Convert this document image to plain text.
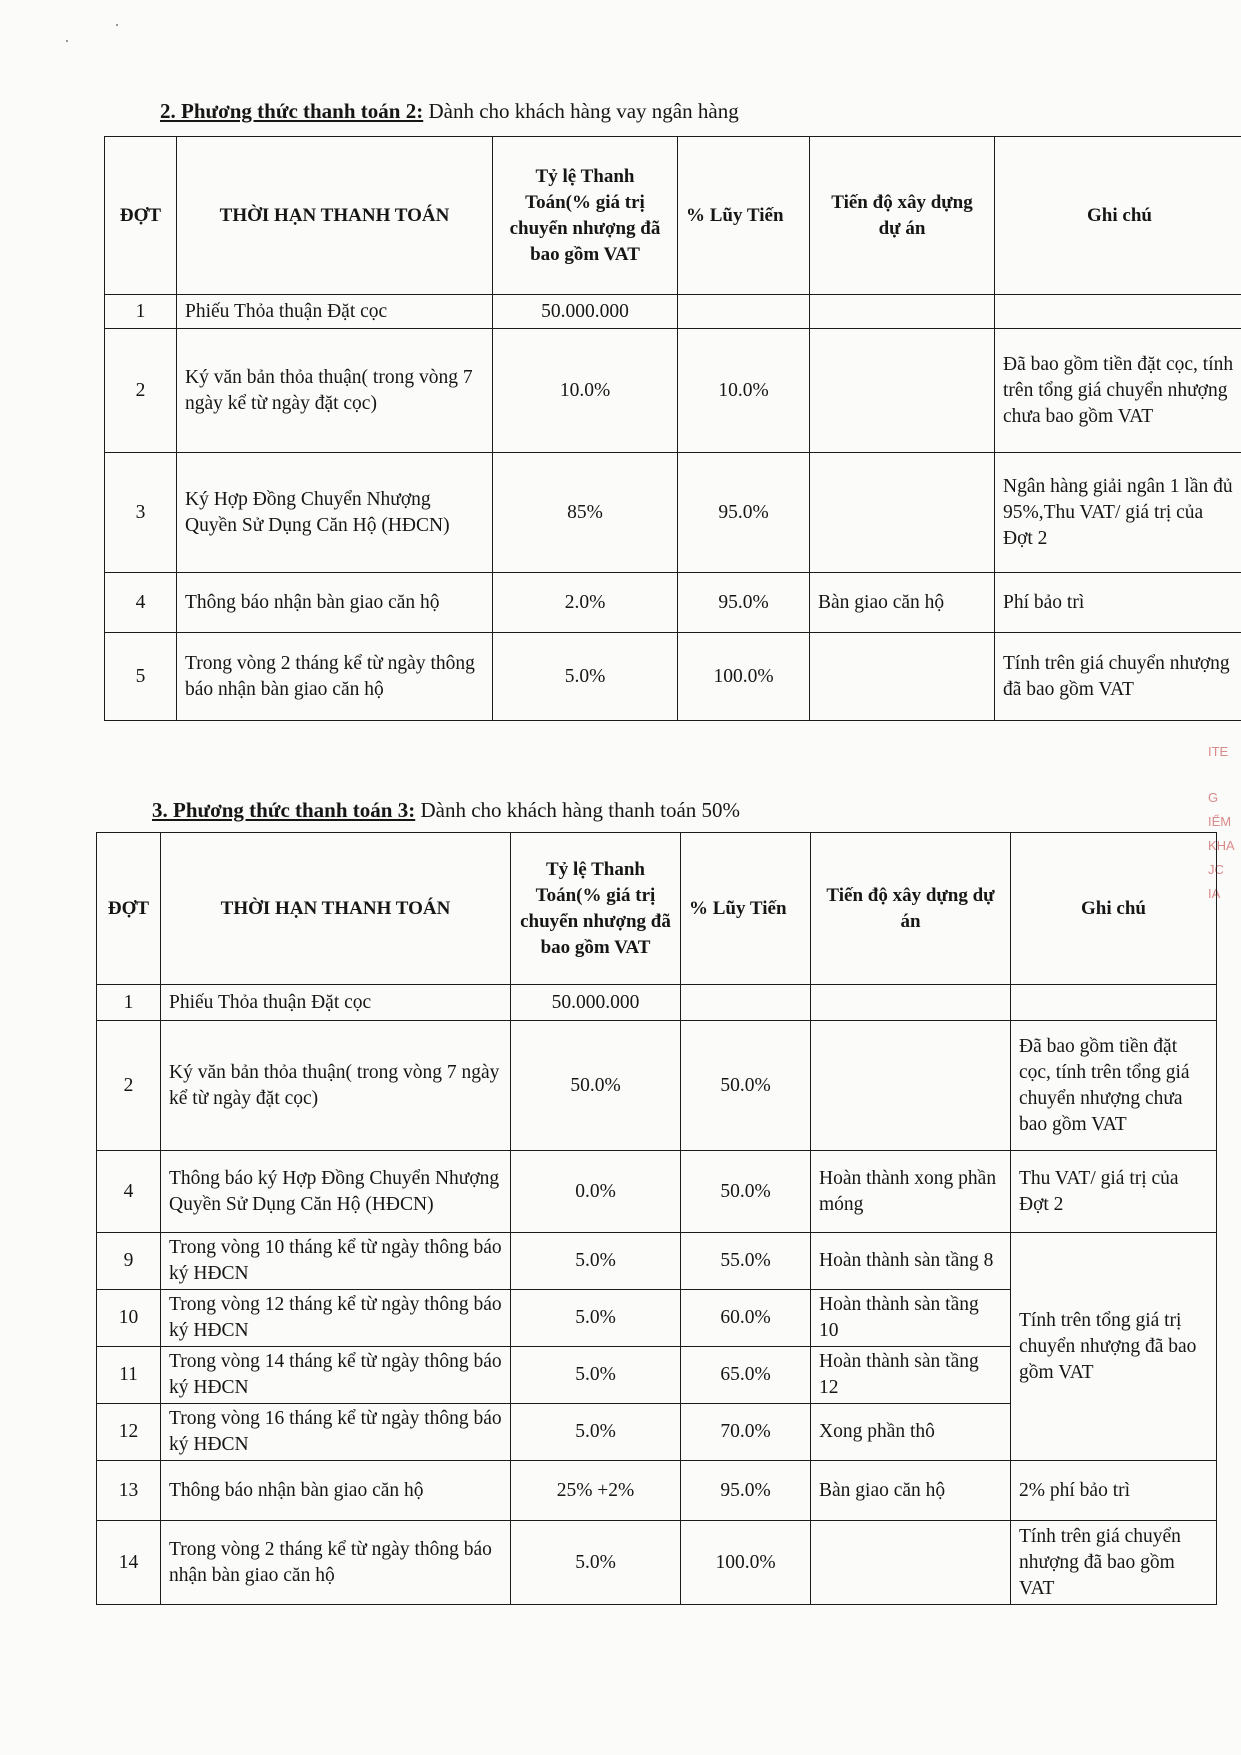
2. Phương thức thanh toán 2: Dành cho khách hàng vay ngân hàng
ĐỢT	THỜI HẠN THANH TOÁN	Tỷ lệ Thanh Toán(% giá trị chuyển nhượng đã bao gồm VAT	% Lũy Tiến	Tiến độ xây dựng dự án	Ghi chú
1	Phiếu Thỏa thuận Đặt cọc	50.000.000			
2	Ký văn bản thỏa thuận( trong vòng 7 ngày kể từ ngày đặt cọc)	10.0%	10.0%		Đã bao gồm tiền đặt cọc, tính trên tổng giá chuyển nhượng chưa bao gồm VAT
3	Ký Hợp Đồng Chuyển Nhượng Quyền Sử Dụng Căn Hộ (HĐCN)	85%	95.0%		Ngân hàng giải ngân 1 lần đủ 95%,Thu VAT/ giá trị của Đợt 2
4	Thông báo nhận bàn giao căn hộ	2.0%	95.0%	Bàn giao căn hộ	Phí bảo trì
5	Trong vòng 2 tháng kể từ ngày thông báo nhận bàn giao căn hộ	5.0%	100.0%		Tính trên giá chuyển nhượng đã bao gồm VAT
ITE
G
IỂM
KHA
JC
IA
3. Phương thức thanh toán 3: Dành cho khách hàng thanh toán 50%
ĐỢT	THỜI HẠN THANH TOÁN	Tỷ lệ Thanh Toán(% giá trị chuyển nhượng đã bao gồm VAT	% Lũy Tiến	Tiến độ xây dựng dự án	Ghi chú
1	Phiếu Thỏa thuận Đặt cọc	50.000.000			
2	Ký văn bản thỏa thuận( trong vòng 7 ngày kể từ ngày đặt cọc)	50.0%	50.0%		Đã bao gồm tiền đặt cọc, tính trên tổng giá chuyển nhượng chưa bao gồm VAT
4	Thông báo ký Hợp Đồng Chuyển Nhượng Quyền Sử Dụng Căn Hộ (HĐCN)	0.0%	50.0%	Hoàn thành xong phần móng	Thu VAT/ giá trị của Đợt 2
9	Trong vòng 10 tháng kể từ ngày thông báo ký HĐCN	5.0%	55.0%	Hoàn thành sàn tầng 8	Tính trên tổng giá trị chuyển nhượng đã bao gồm VAT
10	Trong vòng 12 tháng kể từ ngày thông báo ký HĐCN	5.0%	60.0%	Hoàn thành sàn tầng 10	
11	Trong vòng 14 tháng kể từ ngày thông báo ký HĐCN	5.0%	65.0%	Hoàn thành sàn tầng 12	
12	Trong vòng 16 tháng kể từ ngày thông báo ký HĐCN	5.0%	70.0%	Xong phần thô	
13	Thông báo nhận bàn giao căn hộ	25% +2%	95.0%	Bàn giao căn hộ	2% phí bảo trì
14	Trong vòng 2 tháng kể từ ngày thông báo nhận bàn giao căn hộ	5.0%	100.0%		Tính trên giá chuyển nhượng đã bao gồm VAT
